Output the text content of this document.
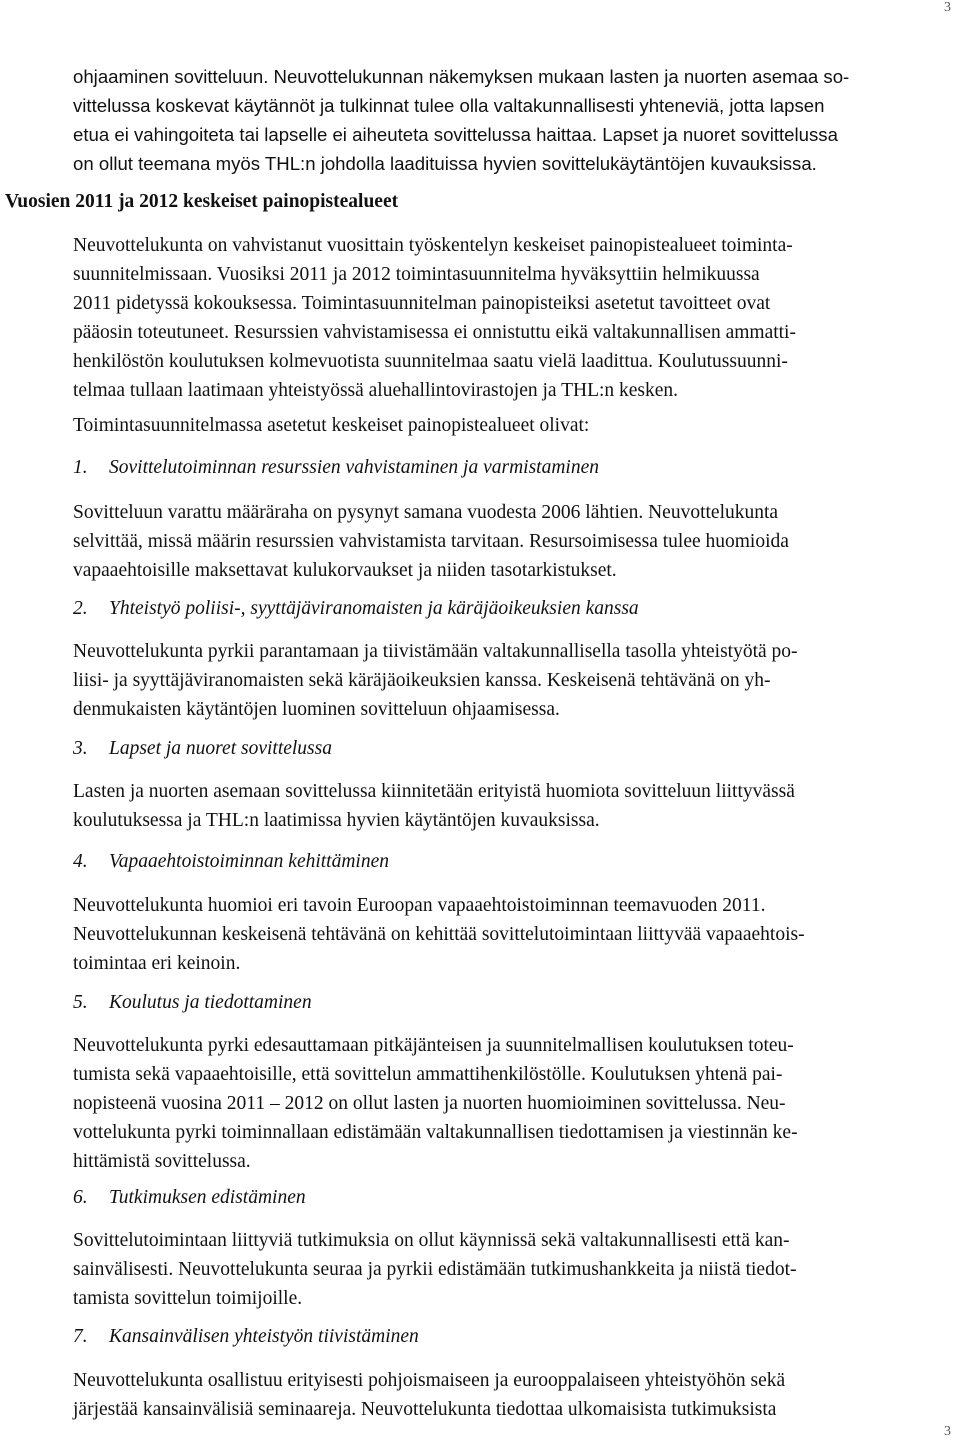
3
ohjaaminen sovitteluun. Neuvottelukunnan näkemyksen mukaan lasten ja nuorten asemaa so-
vittelussa koskevat käytännöt ja tulkinnat tulee olla valtakunnallisesti yhteneviä, jotta lapsen
etua ei vahingoiteta tai lapselle ei aiheuteta sovittelussa haittaa. Lapset ja nuoret sovittelussa
on ollut teemana myös THL:n johdolla laadituissa hyvien sovittelukäytäntöjen kuvauksissa.
Vuosien 2011 ja 2012 keskeiset painopistealueet
Neuvottelukunta on vahvistanut vuosittain työskentelyn keskeiset painopistealueet toiminta-
suunnitelmissaan. Vuosiksi 2011 ja 2012 toimintasuunnitelma hyväksyttiin helmikuussa
2011 pidetyssä kokouksessa. Toimintasuunnitelman painopisteiksi asetetut tavoitteet ovat
pääosin toteutuneet. Resurssien vahvistamisessa ei onnistuttu eikä valtakunnallisen ammatti-
henkilöstön koulutuksen kolmevuotista suunnitelmaa saatu vielä laadittua. Koulutussuunni-
telmaa tullaan laatimaan yhteistyössä aluehallintovirastojen ja THL:n kesken.
Toimintasuunnitelmassa asetetut keskeiset painopistealueet olivat:
1. Sovittelutoiminnan resurssien vahvistaminen ja varmistaminen
Sovitteluun varattu määräraha on pysynyt samana vuodesta 2006 lähtien. Neuvottelukunta
selvittää, missä määrin resurssien vahvistamista tarvitaan. Resursoimisessa tulee huomioida
vapaaehtoisille maksettavat kulukorvaukset ja niiden tasotarkistukset.
2. Yhteistyö poliisi-, syyttäjäviranomaisten ja käräjäoikeuksien kanssa
Neuvottelukunta pyrkii parantamaan ja tiivistämään valtakunnallisella tasolla yhteistyötä po-
liisi- ja syyttäjäviranomaisten sekä käräjäoikeuksien kanssa. Keskeisenä tehtävänä on yh-
denmukaisten käytäntöjen luominen sovitteluun ohjaamisessa.
3. Lapset ja nuoret sovittelussa
Lasten ja nuorten asemaan sovittelussa kiinnitetään erityistä huomiota sovitteluun liittyvässä
koulutuksessa ja THL:n laatimissa hyvien käytäntöjen kuvauksissa.
4. Vapaaehtoistoiminnan kehittäminen
Neuvottelukunta huomioi eri tavoin Euroopan vapaaehtoistoiminnan teemavuoden 2011.
Neuvottelukunnan keskeisenä tehtävänä on kehittää sovittelutoimintaan liittyvää vapaaehtois-
toimintaa eri keinoin.
5. Koulutus ja tiedottaminen
Neuvottelukunta pyrki edesauttamaan pitkäjänteisen ja suunnitelmallisen koulutuksen toteu-
tumista sekä vapaaehtoisille, että sovittelun ammattihenkilöstölle. Koulutuksen yhtenä pai-
nopisteenä vuosina 2011 – 2012 on ollut lasten ja nuorten huomioiminen sovittelussa. Neu-
vottelukunta pyrki toiminnallaan edistämään valtakunnallisen tiedottamisen ja viestinnän ke-
hittämistä sovittelussa.
6. Tutkimuksen edistäminen
Sovittelutoimintaan liittyviä tutkimuksia on ollut käynnissä sekä valtakunnallisesti että kan-
sainvälisesti. Neuvottelukunta seuraa ja pyrkii edistämään tutkimushankkeita ja niistä tiedot-
tamista sovittelun toimijoille.
7. Kansainvälisen yhteistyön tiivistäminen
Neuvottelukunta osallistuu erityisesti pohjoismaiseen ja eurooppalaiseen yhteistyöhön sekä
järjestää kansainvälisiä seminaareja. Neuvottelukunta tiedottaa ulkomaisista tutkimuksista
3
